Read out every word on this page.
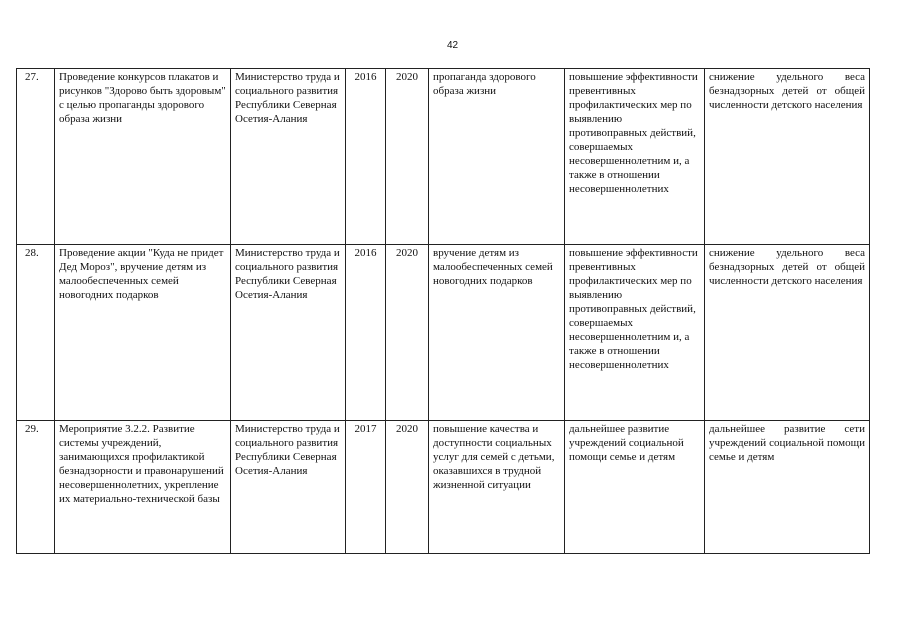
42
27.	Проведение конкурсов плакатов и рисунков "Здорово быть здоровым" с целью пропаганды здорового образа жизни	Министерство труда и социального развития Республики Северная Осетия-Алания	2016	2020	пропаганда здорового образа жизни	повышение эффективности превентивных профилактических мер по выявлению противоправных действий, совершаемых несовершеннолетним и, а также в отношении несовершеннолетних	снижение удельного веса безнадзорных детей от общей численности детского населения

28.	Проведение акции "Куда не придет Дед Мороз", вручение детям из малообеспеченных семей новогодних подарков	Министерство труда и социального развития Республики Северная Осетия-Алания	2016	2020	вручение детям из малообеспеченных семей новогодних подарков	повышение эффективности превентивных профилактических мер по выявлению противоправных действий, совершаемых несовершеннолетним и, а также в отношении несовершеннолетних	снижение удельного веса безнадзорных детей от общей численности детского населения

29.	Мероприятие 3.2.2. Развитие системы учреждений, занимающихся профилактикой безнадзорности и правонарушений несовершеннолетних, укрепление их материально-технической базы	Министерство труда и социального развития Республики Северная Осетия-Алания	2017	2020	повышение качества и доступности социальных услуг для семей с детьми, оказавшихся в трудной жизненной ситуации	дальнейшее развитие учреждений социальной помощи семье и детям	дальнейшее развитие сети учреждений социальной помощи семье и детям
